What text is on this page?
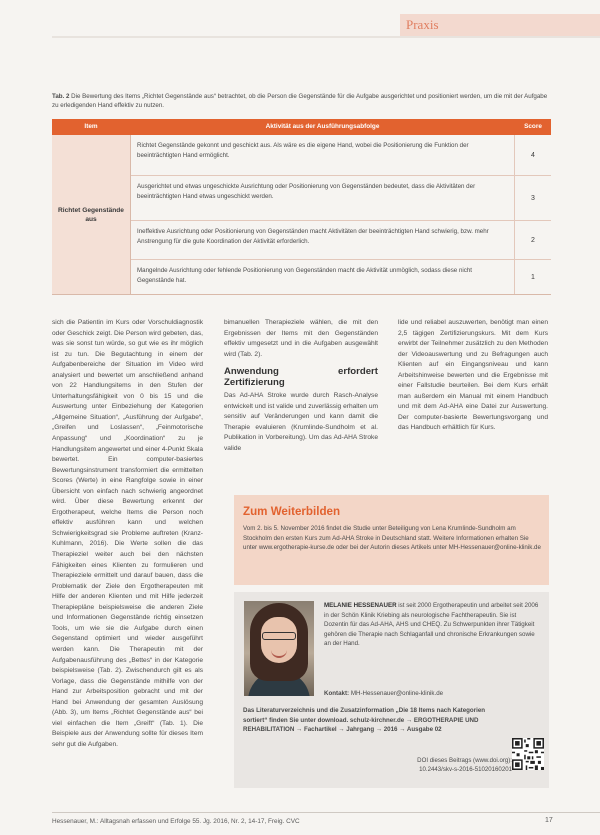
Praxis
Tab. 2 Die Bewertung des Items „Richtet Gegenstände aus“ betrachtet, ob die Person die Gegenstände für die Aufgabe ausgerichtet und positioniert werden, um die mit der Aufgabe zu erledigenden Hand effektiv zu nutzen.
Item	Aktivität aus der Ausführungsabfolge	Score
Richtet Gegenstände aus
Richtet Gegenstände gekonnt und geschickt aus. Als wäre es die eigene Hand, wobei die Positionierung die Funktion der beeinträchtigten Hand ermöglicht.	4
Ausgerichtet und etwas ungeschickte Ausrichtung oder Positionierung von Gegenständen bedeutet, dass die Aktivitäten der beeinträchtigten Hand etwas ungeschickt werden.	3
Ineffektive Ausrichtung oder Positionierung von Gegenständen macht Aktivitäten der beeinträchtigten Hand schwierig, bzw. mehr Anstrengung für die gute Koordination der Aktivität erforderlich.	2
Mangelnde Ausrichtung oder fehlende Positionierung von Gegenständen macht die Aktivität unmöglich, sodass diese nicht Gegenstände hat.	1

sich die Patientin im Kurs oder Vorschuldiagnostik oder Geschick zeigt. Die Person wird gebeten, das, was sie sonst tun würde, so gut wie es ihr möglich ist zu tun. Die Begutachtung in einem der Aufgabenbereiche der Situation im Video wird analysiert und bewertet um anschließend anhand von 22 Handlungsitems in den Stufen der Unterhaltungsfähigkeit von 0 bis 15 und die Auswertung unter Einbeziehung der Kategorien „Allgemeine Situation“, „Ausführung der Aufgabe“, „Greifen und Loslassen“, „Feinmotorische Anpassung“ und „Koordination“ zu je Handlungsitem angewertet und einer 4-Punkt Skala bewertet. Ein computer-basiertes Bewertungsinstrument transformiert die ermittelten Scores (Werte) in eine Rangfolge sowie in einer Übersicht von einfach nach schwierig angeordnet wird. Über diese Bewertung erkennt der Ergotherapeut, welche Items die Person noch effektiv ausführen kann und welchen Schwierigkeitsgrad sie Probleme auftreten (Kranz-Kuhlmann, 2016). Die Werte sollen die das Therapieziel weiter auch bei den nächsten Fähigkeiten eines Klienten zu formulieren und Therapieziele ermittelt und darauf bauen, dass die Problematik der Ziele den Ergotherapeuten mit Hilfe der anderen Klienten und mit Hilfe jederzeit Therapiepläne beispielsweise die anderen Ziele und Informationen Gegenstände richtig einsetzen Tools, um wie sie die Aufgabe durch einen Gegenstand optimiert und wieder ausgeführt werden kann. Die Therapeutin mit der Aufgabenausführung des „Bettes“ in der Kategorie beispielsweise (Tab. 2). Zwischendurch gilt es als Vorlage, dass die Gegenstände mithilfe von der Hand zur Arbeitsposition gebracht und mit der Hand bei Anwendung der gesamten Auslösung (Abb. 3), um Items „Richtet Gegenstände aus“ bei viel einfachen die Item „Greift“ (Tab. 1). Die Beispiele aus der Anwendung sollte für dieses Item sehr gut die Aufgaben.

bimanuellen Therapieziele wählen, die mit den Ergebnissen der Items mit den Gegenständen effektiv umgesetzt und in die Aufgaben ausgewählt wird (Tab. 2).

Anwendung erfordert Zertifizierung

Das Ad-AHA Stroke wurde durch Rasch-Analyse entwickelt und ist valide und zuverlässig erhalten um sensitiv auf Veränderungen und kann damit die Therapie evaluieren (Krumlinde-Sundholm et al. Publikation in Vorbereitung). Um das Ad-AHA Stroke valide

lide und reliabel auszuwerten, benötigt man einen 2,5 tägigen Zertifizierungskurs. Mit dem Kurs erwirbt der Teilnehmer zusätzlich zu den Methoden der Videoauswertung und zu Befragungen auch Klienten auf ein Eingangsniveau und kann Arbeitshinweise bewerten und die Ergebnisse mit einer Fallstudie beurteilen. Bei dem Kurs erhält man außerdem ein Manual mit einem Handbuch und mit dem Ad-AHA eine Datei zur Auswertung. Der computer-basierte Bewertungsvorgang und das Handbuch erhältlich für Kurs.

Zum Weiterbilden
Vom 2. bis 5. November 2016 findet die Studie unter Beteiligung von Lena Krumlinde-Sundholm am Stockholm den ersten Kurs zum Ad-AHA Stroke in Deutschland statt. Weitere Informationen erhalten Sie unter www.ergotherapie-kurse.de oder bei der Autorin dieses Artikels unter MH-Hessenauer@online-klinik.de
MELANIE HESSENAUER ist seit 2000 Ergotherapeutin und arbeitet seit 2006 in der Schön Klinik Kriebing als neurologische Fachtherapeutin. Sie ist Dozentin für das Ad-AHA, AHS und CHEQ. Zu Schwerpunkten ihrer Tätigkeit gehören die Therapie nach Schlaganfall und chronische Erkrankungen sowie an der Hand.
Kontakt: MH-Hessenauer@online-klinik.de
Das Literaturverzeichnis und die Zusatzinformation „Die 18 Items nach Kategorien sortiert“ finden Sie unter download. schulz-kirchner.de → ERGOTHERAPIE UND REHABILITATION → Fachartikel → Jahrgang → 2016 → Ausgabe 02
DOI dieses Beitrags (www.doi.org):
10.2443/skv-s-2016-51020160201
Hessenauer, M.: Alltagsnah erfassen und Erfolge 55. Jg. 2016, Nr. 2, 14-17, Freig. CVC	17
